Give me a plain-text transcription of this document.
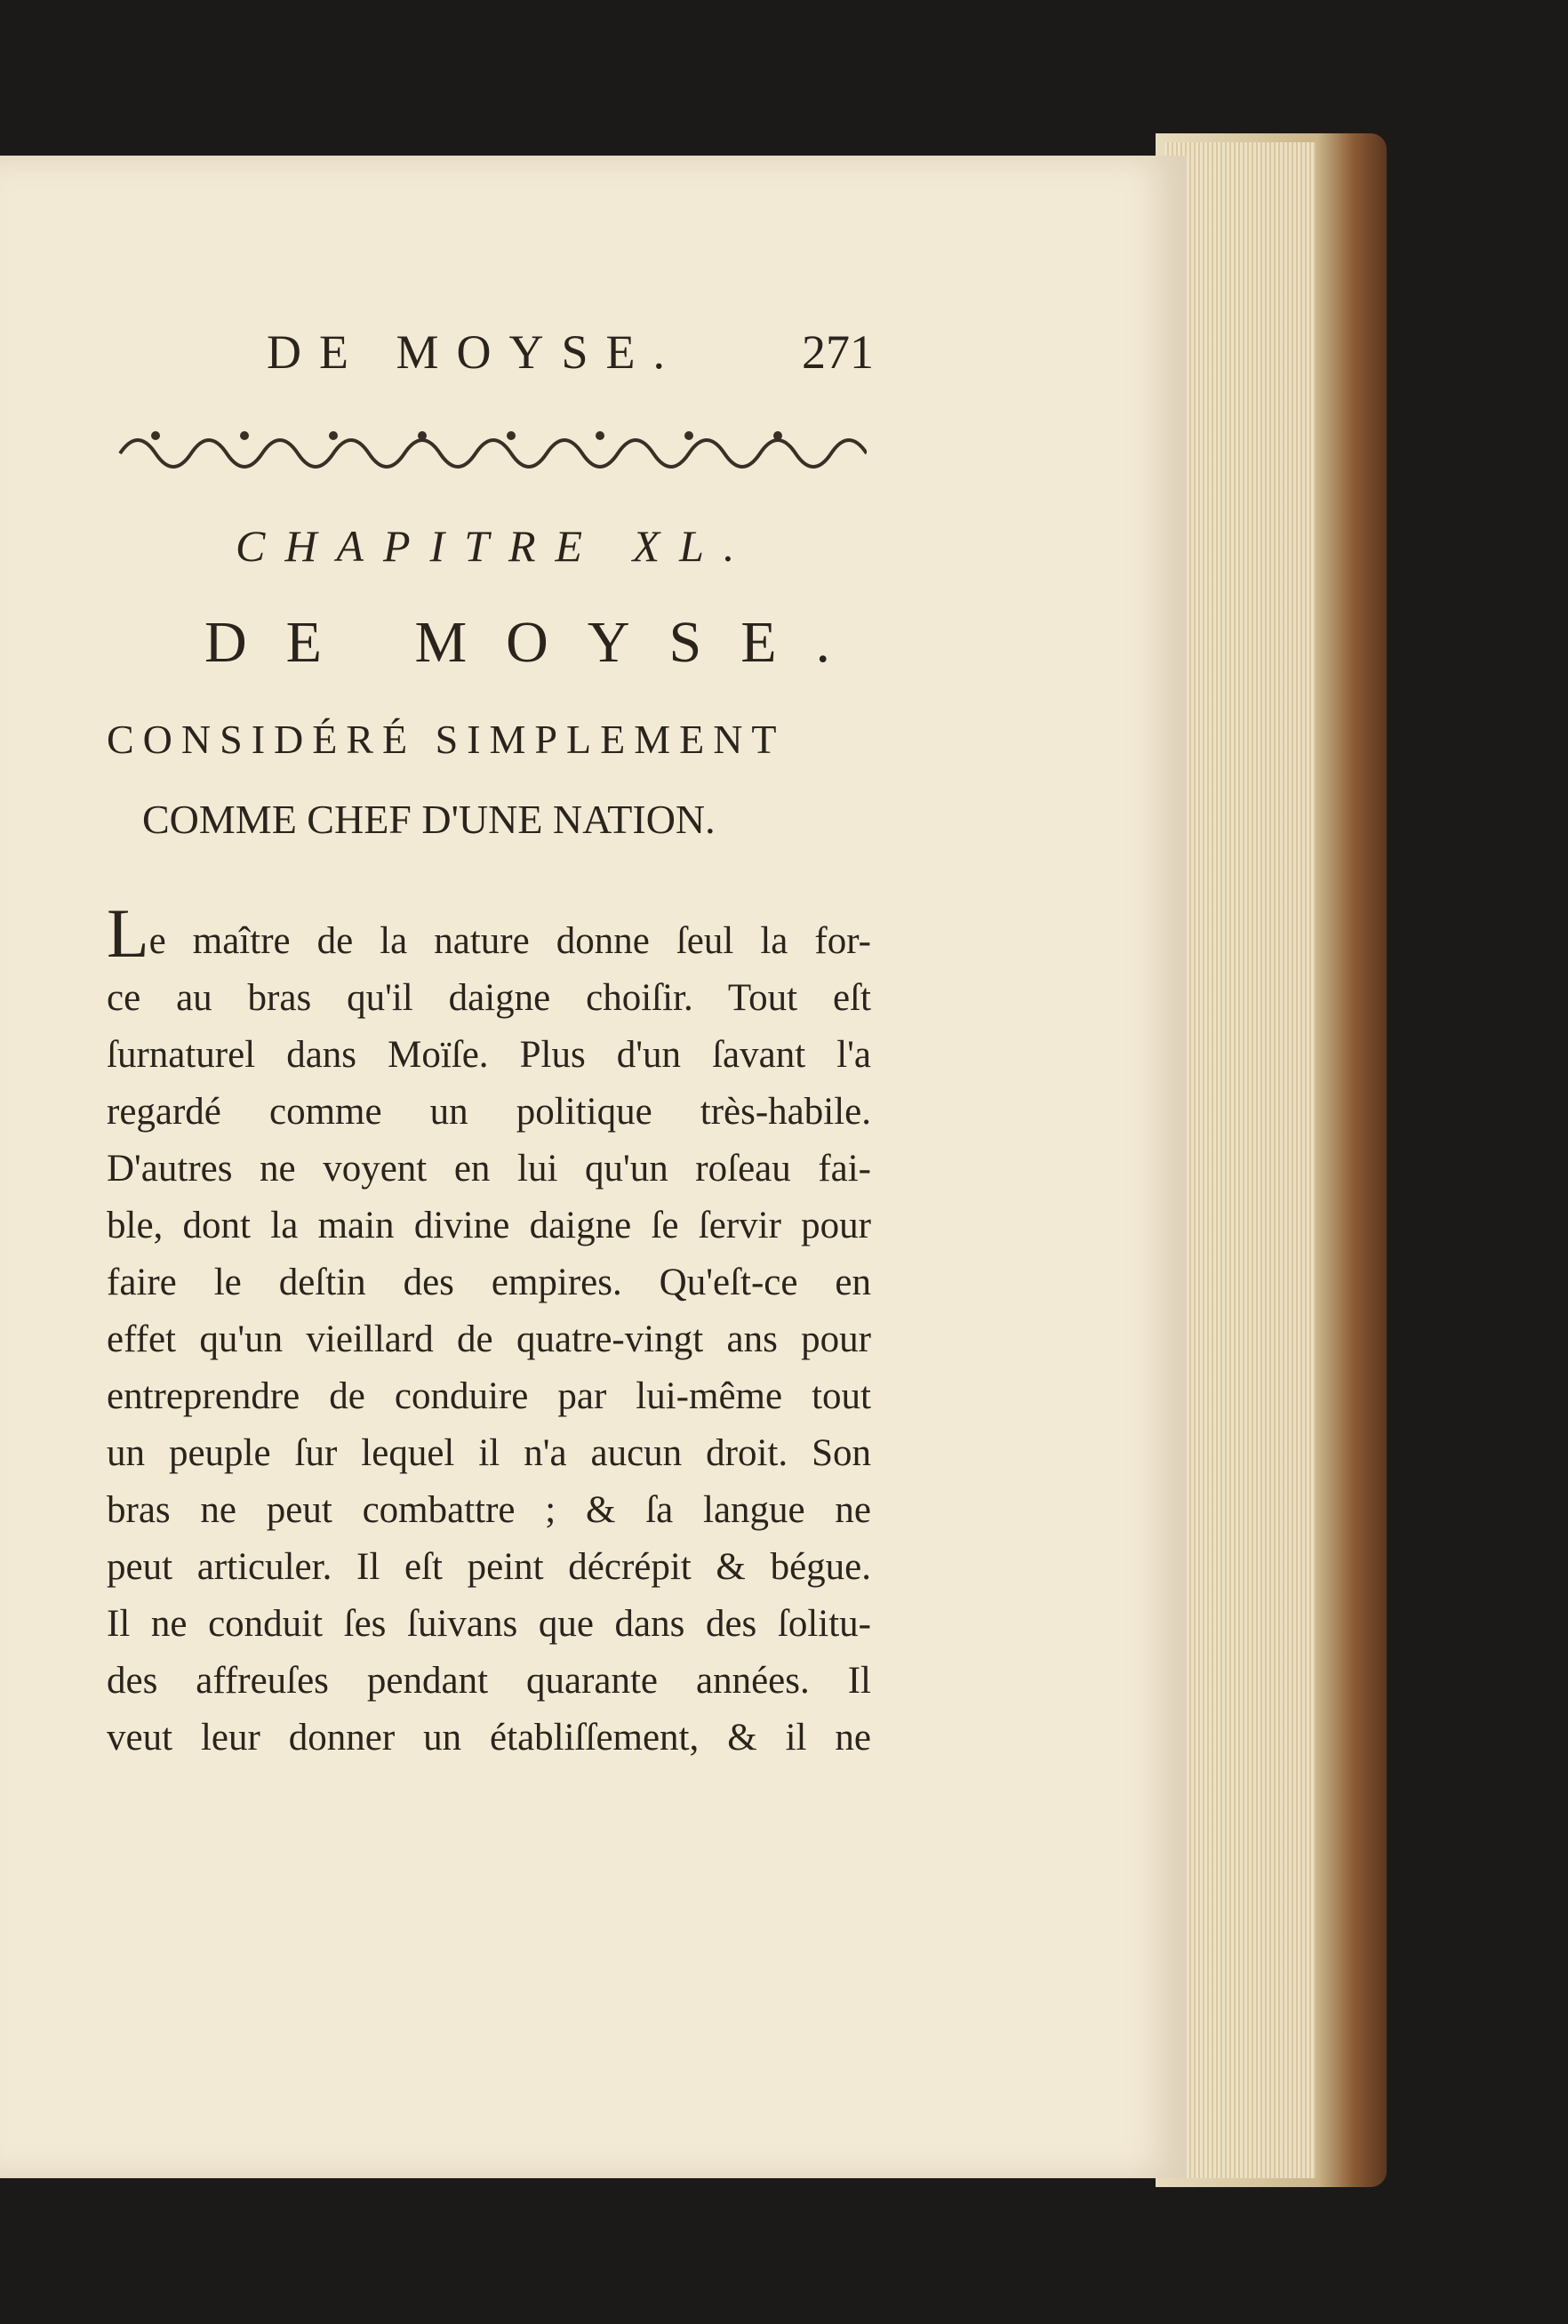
DE MOYSE. 271
CHAPITRE XL.
DE MOYSE.
CONSIDÉRÉ SIMPLEMENT
COMME CHEF D'UNE NATION.
Le maître de la nature donne ſeul la for-
ce au bras qu'il daigne choiſir. Tout eſt
ſurnaturel dans Moïſe. Plus d'un ſavant l'a
regardé comme un politique très-habile.
D'autres ne voyent en lui qu'un roſeau fai-
ble, dont la main divine daigne ſe ſervir pour
faire le deſtin des empires. Qu'eſt-ce en
effet qu'un vieillard de quatre-vingt ans pour
entreprendre de conduire par lui-même tout
un peuple ſur lequel il n'a aucun droit. Son
bras ne peut combattre ; & ſa langue ne
peut articuler. Il eſt peint décrépit & bégue.
Il ne conduit ſes ſuivans que dans des ſolitu-
des affreuſes pendant quarante années. Il
veut leur donner un établiſſement, & il ne
